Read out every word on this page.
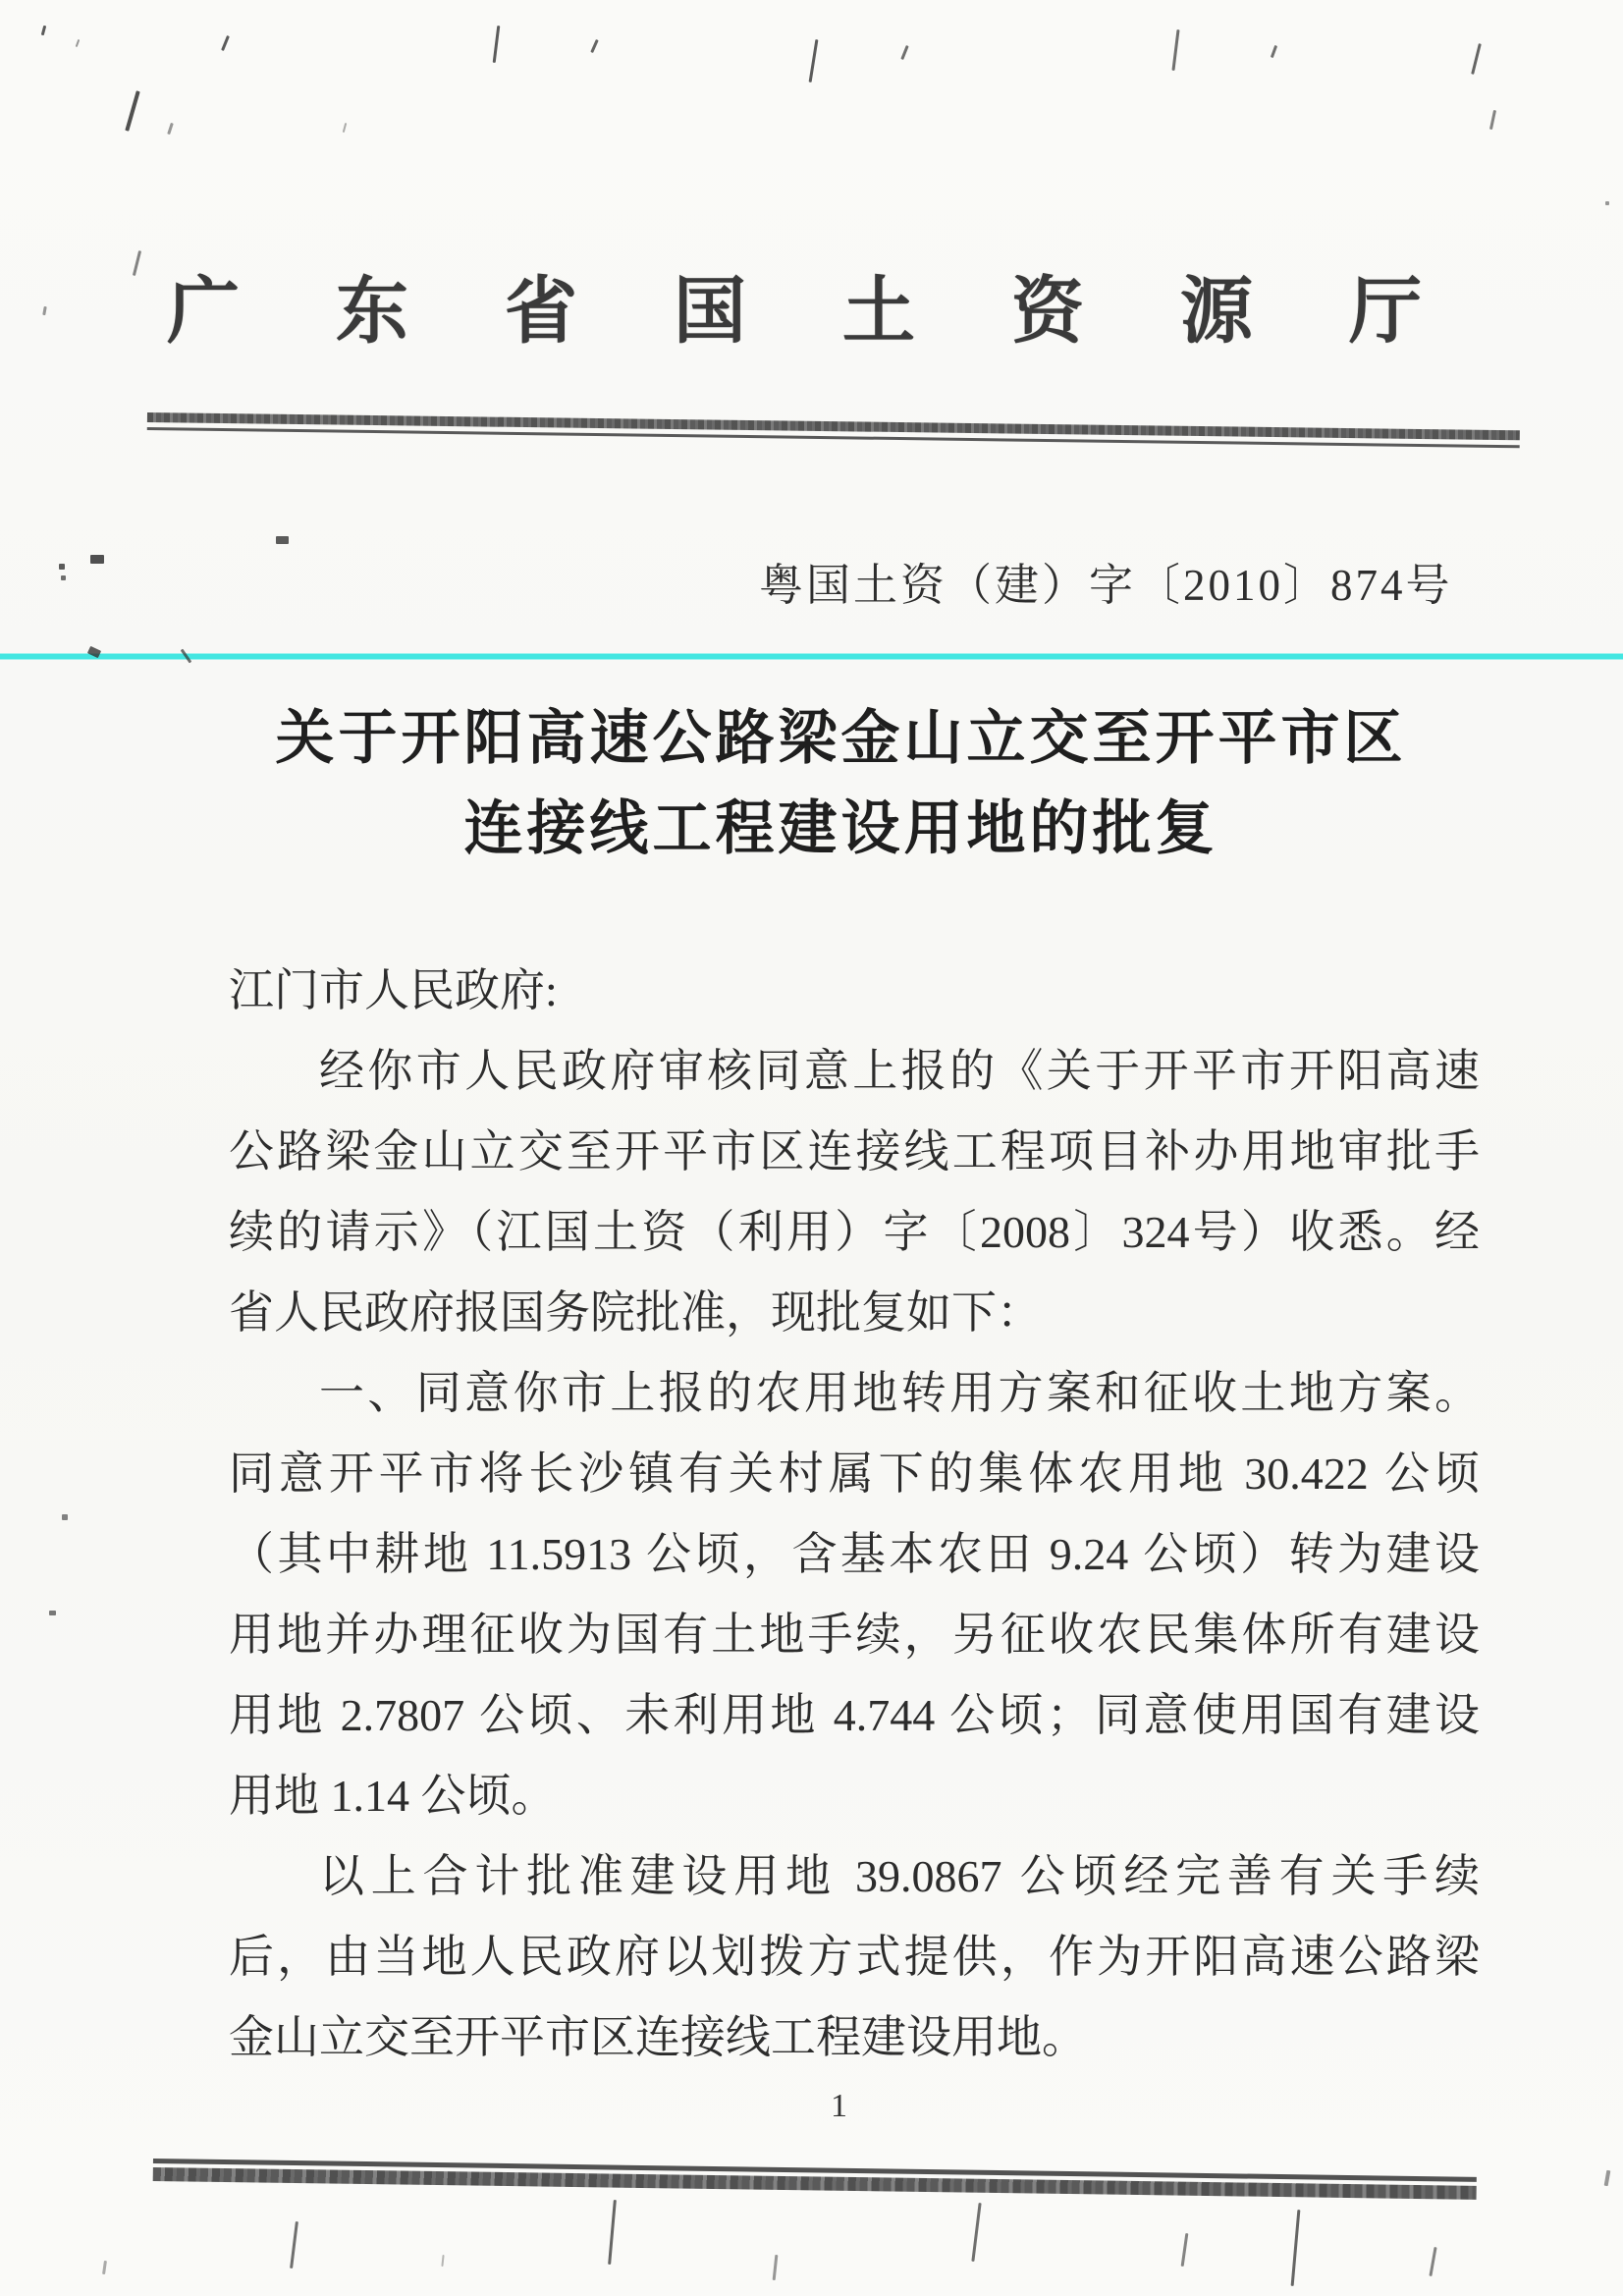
广东省国土资源厅
粤国土资（建）字〔2010〕874号
关于开阳高速公路梁金山立交至开平市区
连接线工程建设用地的批复
江门市人民政府:
经你市人民政府审核同意上报的《关于开平市开阳高速
公路梁金山立交至开平市区连接线工程项目补办用地审批手
续的请示》（江国土资（利用）字〔2008〕324号）收悉。经
省人民政府报国务院批准，现批复如下：
一、同意你市上报的农用地转用方案和征收土地方案。
同意开平市将长沙镇有关村属下的集体农用地 30.422 公顷
（其中耕地 11.5913 公顷，含基本农田 9.24 公顷）转为建设
用地并办理征收为国有土地手续，另征收农民集体所有建设
用地 2.7807 公顷、未利用地 4.744 公顷；同意使用国有建设
用地 1.14 公顷。
以上合计批准建设用地 39.0867 公顷经完善有关手续
后，由当地人民政府以划拨方式提供，作为开阳高速公路梁
金山立交至开平市区连接线工程建设用地。
1
